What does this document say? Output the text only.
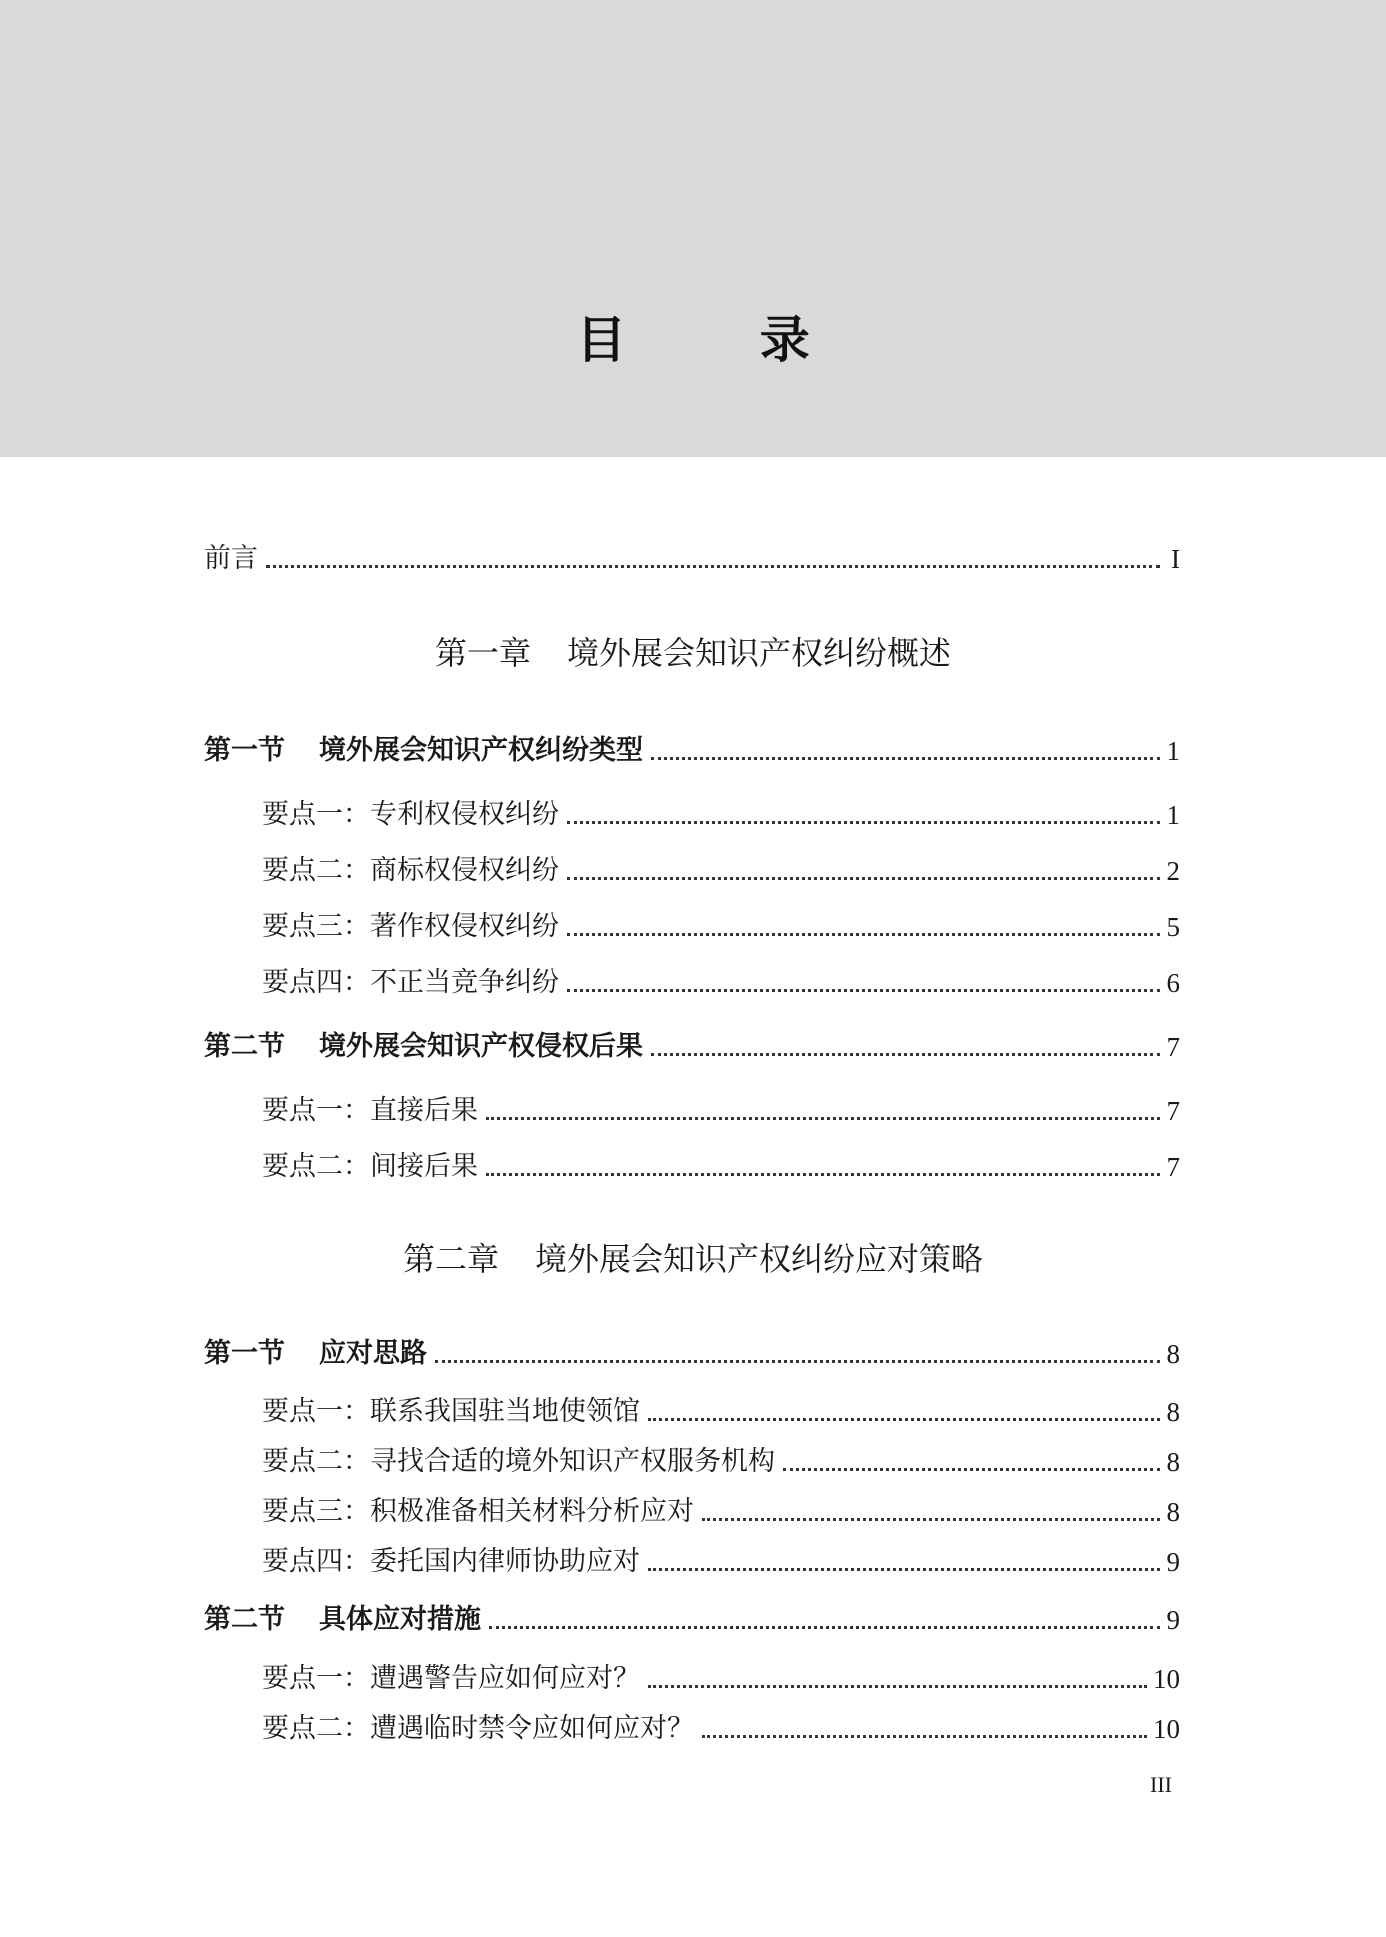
目 录
前言	I
第一章 境外展会知识产权纠纷概述
第一节 境外展会知识产权纠纷类型	1
要点一：专利权侵权纠纷	1
要点二：商标权侵权纠纷	2
要点三：著作权侵权纠纷	5
要点四：不正当竞争纠纷	6
第二节 境外展会知识产权侵权后果	7
要点一：直接后果	7
要点二：间接后果	7
第二章 境外展会知识产权纠纷应对策略
第一节 应对思路	8
要点一：联系我国驻当地使领馆	8
要点二：寻找合适的境外知识产权服务机构	8
要点三：积极准备相关材料分析应对	8
要点四：委托国内律师协助应对	9
第二节 具体应对措施	9
要点一：遭遇警告应如何应对？	10
要点二：遭遇临时禁令应如何应对？	10
III
